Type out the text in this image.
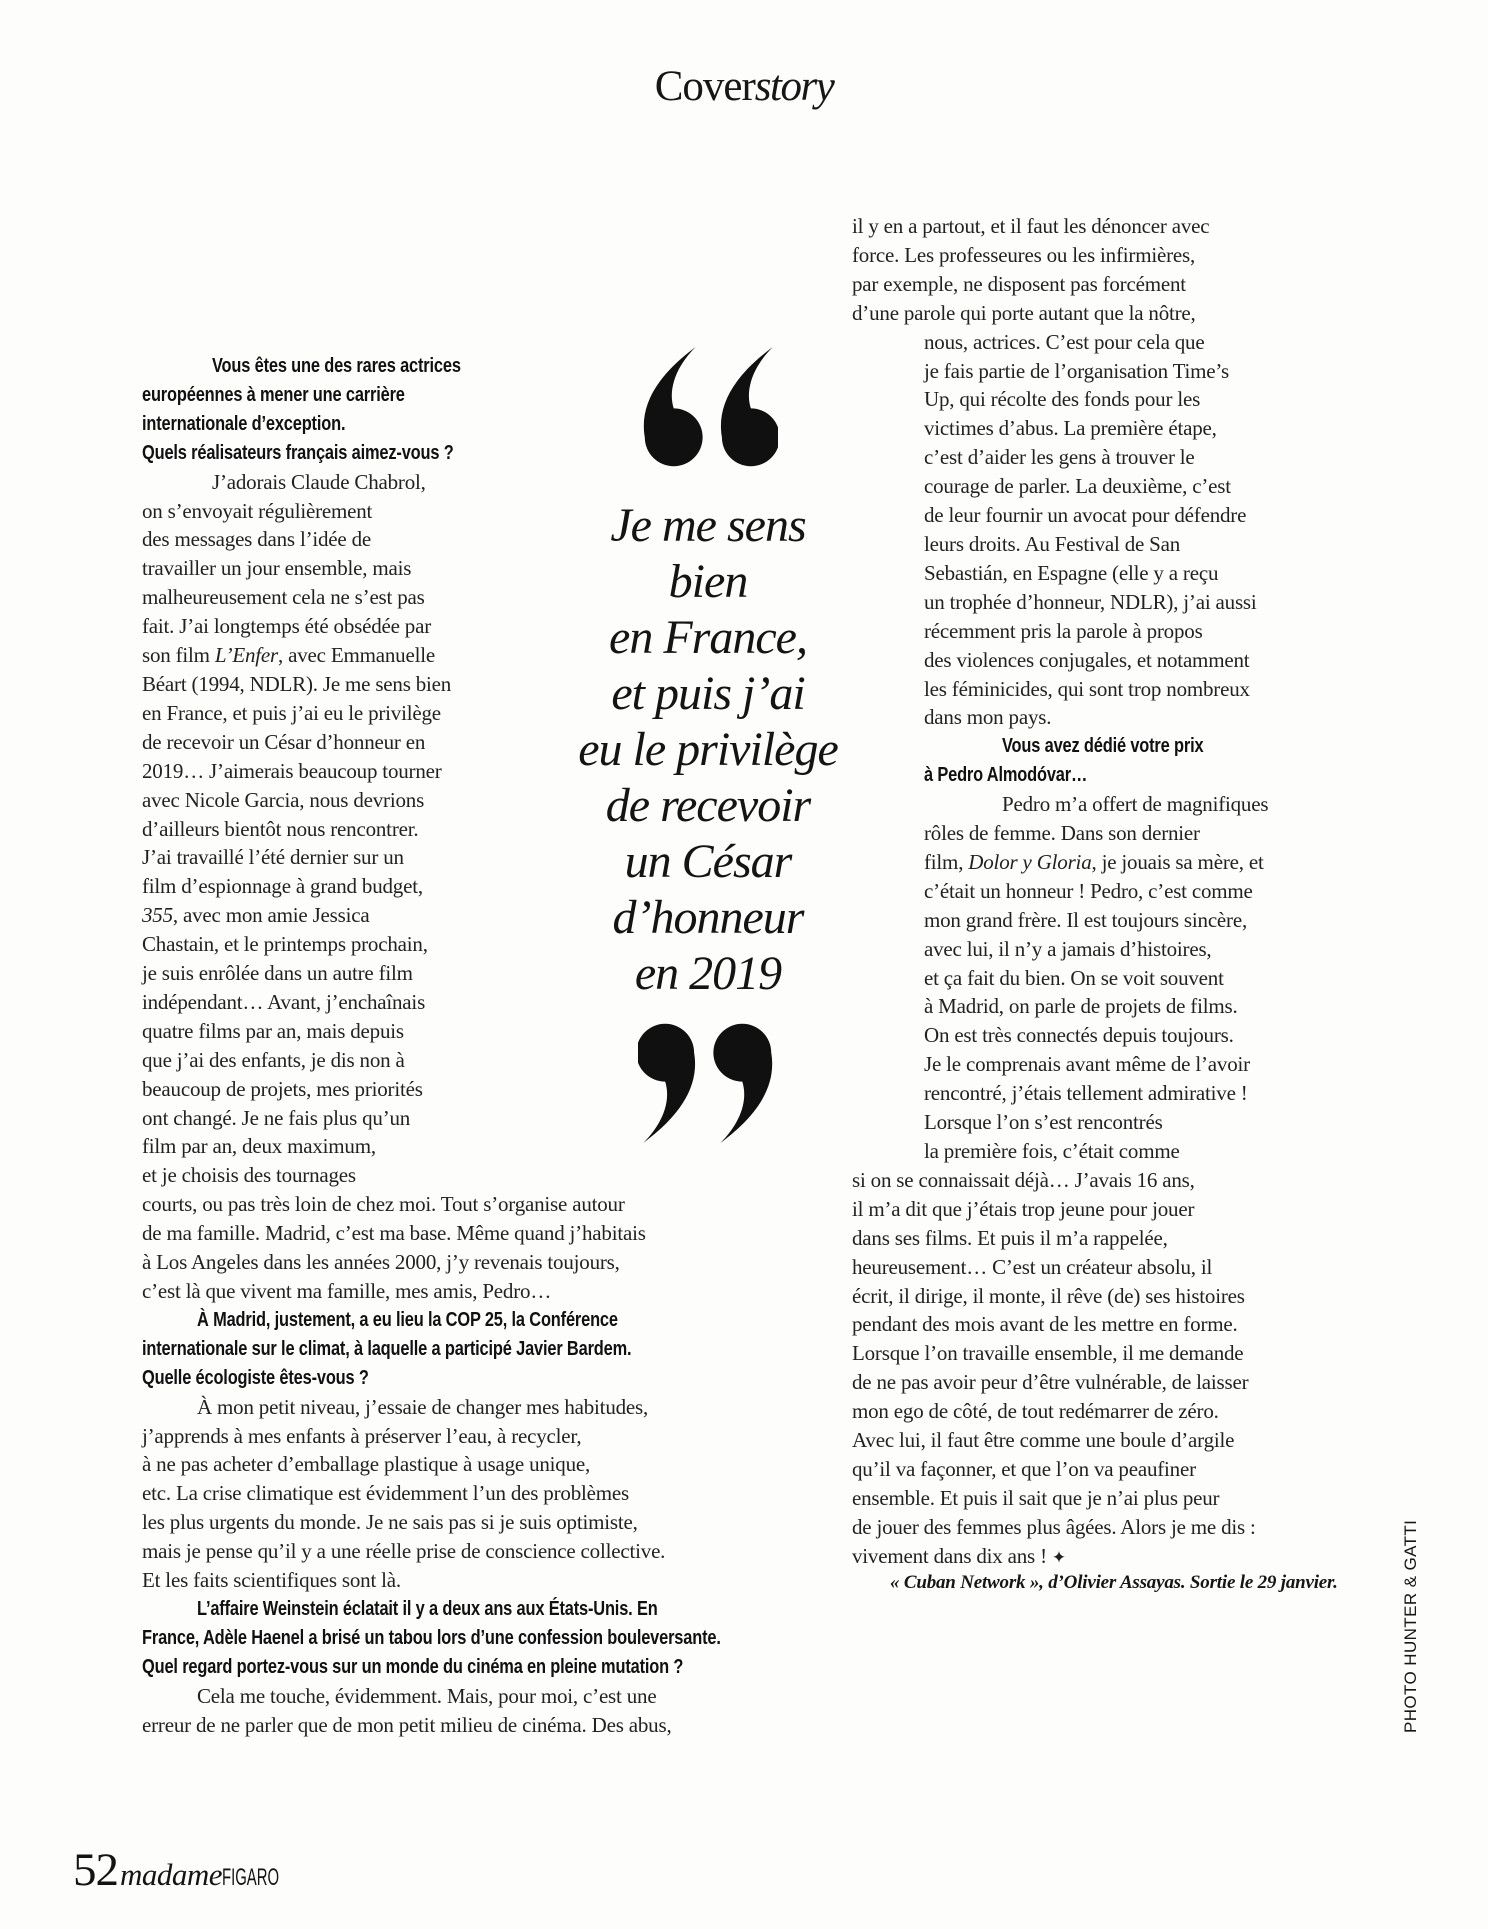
Coverstory
Je me sens
bien
en France,
et puis j’ai
eu le privilège
de recevoir
un César
d’honneur
en 2019
Vous êtes une des rares actrices
européennes à mener une carrière
internationale d’exception.
Quels réalisateurs français aimez-vous ?
J’adorais Claude Chabrol,
on s’envoyait régulièrement
des messages dans l’idée de
travailler un jour ensemble, mais
malheureusement cela ne s’est pas
fait. J’ai longtemps été obsédée par
son film L’Enfer, avec Emmanuelle
Béart (1994, NDLR). Je me sens bien
en France, et puis j’ai eu le privilège
de recevoir un César d’honneur en
2019… J’aimerais beaucoup tourner
avec Nicole Garcia, nous devrions
d’ailleurs bientôt nous rencontrer.
J’ai travaillé l’été dernier sur un
film d’espionnage à grand budget,
355, avec mon amie Jessica
Chastain, et le printemps prochain,
je suis enrôlée dans un autre film
indépendant… Avant, j’enchaînais
quatre films par an, mais depuis
que j’ai des enfants, je dis non à
beaucoup de projets, mes priorités
ont changé. Je ne fais plus qu’un
film par an, deux maximum,
et je choisis des tournages
courts, ou pas très loin de chez moi. Tout s’organise autour
de ma famille. Madrid, c’est ma base. Même quand j’habitais
à Los Angeles dans les années 2000, j’y revenais toujours,
c’est là que vivent ma famille, mes amis, Pedro…
À Madrid, justement, a eu lieu la COP 25, la Conférence
internationale sur le climat, à laquelle a participé Javier Bardem.
Quelle écologiste êtes-vous ?
À mon petit niveau, j’essaie de changer mes habitudes,
j’apprends à mes enfants à préserver l’eau, à recycler,
à ne pas acheter d’emballage plastique à usage unique,
etc. La crise climatique est évidemment l’un des problèmes
les plus urgents du monde. Je ne sais pas si je suis optimiste,
mais je pense qu’il y a une réelle prise de conscience collective.
Et les faits scientifiques sont là.
L’affaire Weinstein éclatait il y a deux ans aux États-Unis. En
France, Adèle Haenel a brisé un tabou lors d’une confession bouleversante.
Quel regard portez-vous sur un monde du cinéma en pleine mutation ?
Cela me touche, évidemment. Mais, pour moi, c’est une
erreur de ne parler que de mon petit milieu de cinéma. Des abus,
il y en a partout, et il faut les dénoncer avec
force. Les professeures ou les infirmières,
par exemple, ne disposent pas forcément
d’une parole qui porte autant que la nôtre,
nous, actrices. C’est pour cela que
je fais partie de l’organisation Time’s
Up, qui récolte des fonds pour les
victimes d’abus. La première étape,
c’est d’aider les gens à trouver le
courage de parler. La deuxième, c’est
de leur fournir un avocat pour défendre
leurs droits. Au Festival de San
Sebastián, en Espagne (elle y a reçu
un trophée d’honneur, NDLR), j’ai aussi
récemment pris la parole à propos
des violences conjugales, et notamment
les féminicides, qui sont trop nombreux
dans mon pays.
Vous avez dédié votre prix
à Pedro Almodóvar…
Pedro m’a offert de magnifiques
rôles de femme. Dans son dernier
film, Dolor y Gloria, je jouais sa mère, et
c’était un honneur ! Pedro, c’est comme
mon grand frère. Il est toujours sincère,
avec lui, il n’y a jamais d’histoires,
et ça fait du bien. On se voit souvent
à Madrid, on parle de projets de films.
On est très connectés depuis toujours.
Je le comprenais avant même de l’avoir
rencontré, j’étais tellement admirative !
Lorsque l’on s’est rencontrés
la première fois, c’était comme
si on se connaissait déjà… J’avais 16 ans,
il m’a dit que j’étais trop jeune pour jouer
dans ses films. Et puis il m’a rappelée,
heureusement… C’est un créateur absolu, il
écrit, il dirige, il monte, il rêve (de) ses histoires
pendant des mois avant de les mettre en forme.
Lorsque l’on travaille ensemble, il me demande
de ne pas avoir peur d’être vulnérable, de laisser
mon ego de côté, de tout redémarrer de zéro.
Avec lui, il faut être comme une boule d’argile
qu’il va façonner, et que l’on va peaufiner
ensemble. Et puis il sait que je n’ai plus peur
de jouer des femmes plus âgées. Alors je me dis :
vivement dans dix ans ! ✦
« Cuban Network », d’Olivier Assayas. Sortie le 29 janvier.
52 madame FIGARO
PHOTO HUNTER & GATTI
